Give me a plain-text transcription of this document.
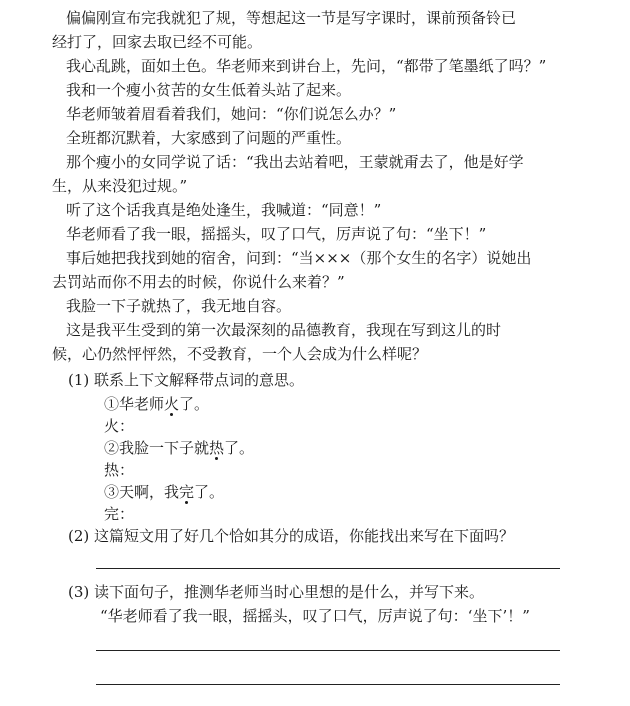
偏偏刚宣布完我就犯了规，等想起这一节是写字课时，课前预备铃已
经打了，回家去取已经不可能。
我心乱跳，面如土色。华老师来到讲台上，先问，“都带了笔墨纸了吗？”
我和一个瘦小贫苦的女生低着头站了起来。
华老师皱着眉看着我们，她问：“你们说怎么办？”
全班都沉默着，大家感到了问题的严重性。
那个瘦小的女同学说了话：“我出去站着吧，王蒙就甭去了，他是好学
生，从来没犯过规。”
听了这个话我真是绝处逢生，我喊道：“同意！”
华老师看了我一眼，摇摇头，叹了口气，厉声说了句：“坐下！”
事后她把我找到她的宿舍，问到：“当×××（那个女生的名字）说她出
去罚站而你不用去的时候，你说什么来着？”
我脸一下子就热了，我无地自容。
这是我平生受到的第一次最深刻的品德教育，我现在写到这儿的时
候，心仍然怦怦然，不受教育，一个人会成为什么样呢？
(1) 联系上下文解释带点词的意思。
①华老师火了。
火：
②我脸一下子就热了。
热：
③天啊，我完了。
完：
(2) 这篇短文用了好几个恰如其分的成语，你能找出来写在下面吗？
(3) 读下面句子，推测华老师当时心里想的是什么，并写下来。
“华老师看了我一眼，摇摇头，叹了口气，厉声说了句：‘坐下’！”
